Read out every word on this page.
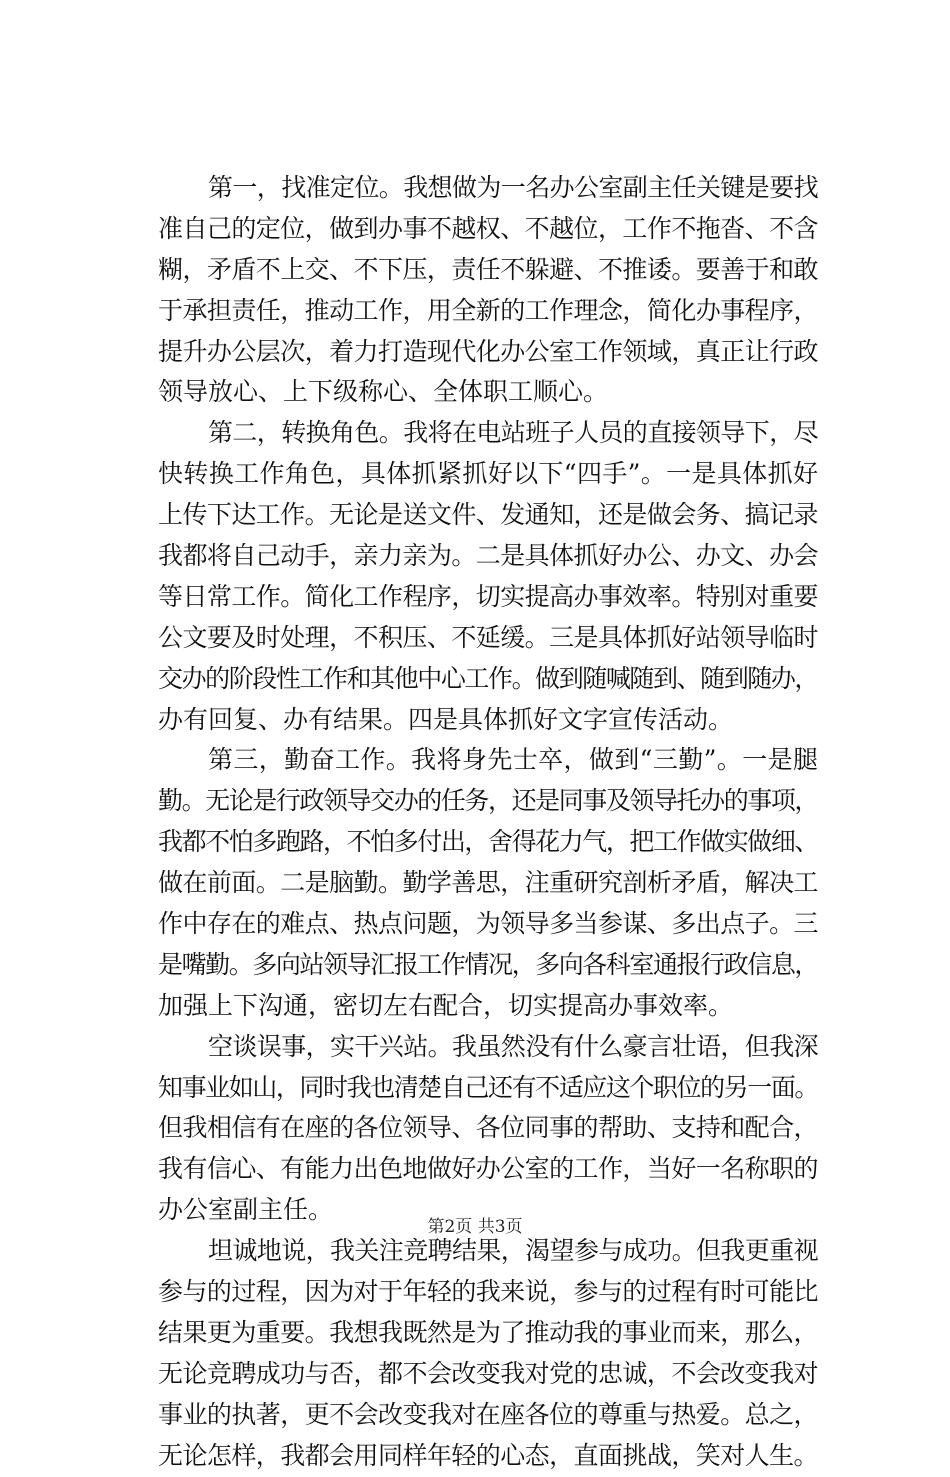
第一，找准定位。我想做为一名办公室副主任关键是要找
准自己的定位，做到办事不越权、不越位，工作不拖沓、不含
糊，矛盾不上交、不下压，责任不躲避、不推诿。要善于和敢
于承担责任，推动工作，用全新的工作理念，简化办事程序，
提升办公层次，着力打造现代化办公室工作领域，真正让行政
领导放心、上下级称心、全体职工顺心。
第二，转换角色。我将在电站班子人员的直接领导下，尽
快转换工作角色，具体抓紧抓好以下“四手”。一是具体抓好
上传下达工作。无论是送文件、发通知，还是做会务、搞记录
我都将自己动手，亲力亲为。二是具体抓好办公、办文、办会
等日常工作。简化工作程序，切实提高办事效率。特别对重要
公文要及时处理，不积压、不延缓。三是具体抓好站领导临时
交办的阶段性工作和其他中心工作。做到随喊随到、随到随办，
办有回复、办有结果。四是具体抓好文字宣传活动。
第三，勤奋工作。我将身先士卒，做到“三勤”。一是腿
勤。无论是行政领导交办的任务，还是同事及领导托办的事项，
我都不怕多跑路，不怕多付出，舍得花力气，把工作做实做细、
做在前面。二是脑勤。勤学善思，注重研究剖析矛盾，解决工
作中存在的难点、热点问题，为领导多当参谋、多出点子。三
是嘴勤。多向站领导汇报工作情况，多向各科室通报行政信息，
加强上下沟通，密切左右配合，切实提高办事效率。
空谈误事，实干兴站。我虽然没有什么豪言壮语，但我深
知事业如山，同时我也清楚自己还有不适应这个职位的另一面。
但我相信有在座的各位领导、各位同事的帮助、支持和配合，
我有信心、有能力出色地做好办公室的工作，当好一名称职的
办公室副主任。
坦诚地说，我关注竞聘结果，渴望参与成功。但我更重视
参与的过程，因为对于年轻的我来说，参与的过程有时可能比
结果更为重要。我想我既然是为了推动我的事业而来，那么，
无论竞聘成功与否，都不会改变我对党的忠诚，不会改变我对
事业的执著，更不会改变我对在座各位的尊重与热爱。总之，
无论怎样，我都会用同样年轻的心态，直面挑战，笑对人生。
第2页 共3页
